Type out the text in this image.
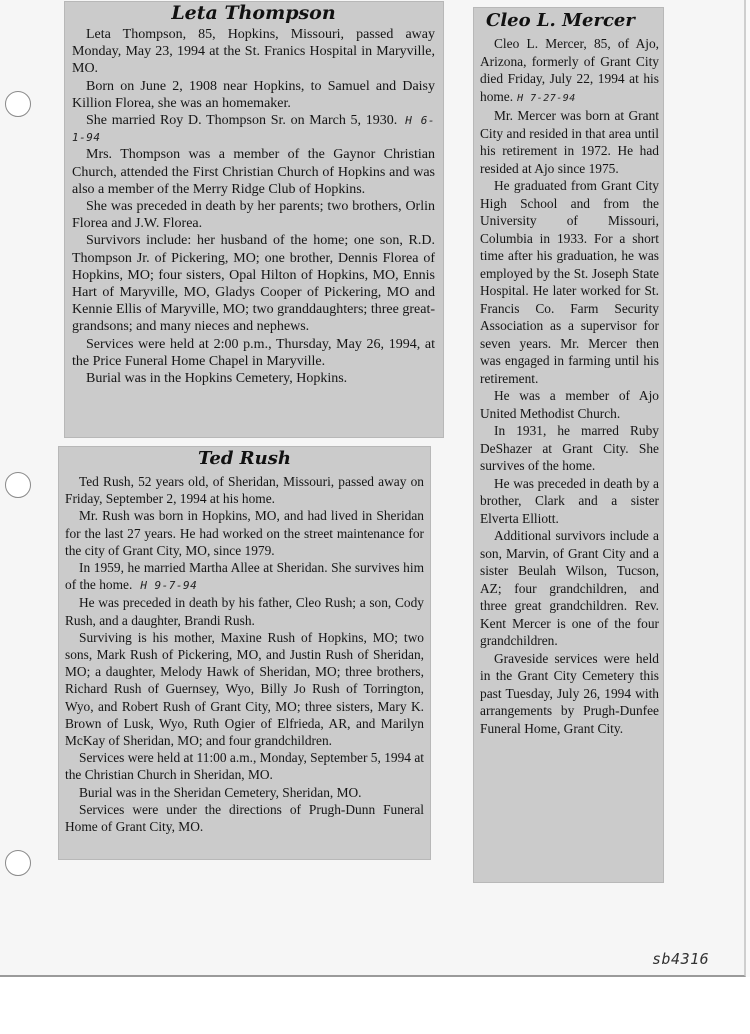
Leta Thompson

Leta Thompson, 85, Hopkins, Missouri, passed away Monday, May 23, 1994 at the St. Franics Hospital in Maryville, MO.

Born on June 2, 1908 near Hopkins, to Samuel and Daisy Killion Florea, she was an homemaker.

She married Roy D. Thompson Sr. on March 5, 1930. H 6-1-94

Mrs. Thompson was a member of the Gaynor Christian Church, attended the First Christian Church of Hopkins and was also a member of the Merry Ridge Club of Hopkins.

She was preceded in death by her parents; two brothers, Orlin Florea and J.W. Florea.

Survivors include: her husband of the home; one son, R.D. Thompson Jr. of Pickering, MO; one brother, Dennis Florea of Hopkins, MO; four sisters, Opal Hilton of Hopkins, MO, Ennis Hart of Maryville, MO, Gladys Cooper of Pickering, MO and Kennie Ellis of Maryville, MO; two granddaughters; three great-grandsons; and many nieces and nephews.

Services were held at 2:00 p.m., Thursday, May 26, 1994, at the Price Funeral Home Chapel in Maryville.

Burial was in the Hopkins Cemetery, Hopkins.

Ted Rush

Ted Rush, 52 years old, of Sheridan, Missouri, passed away on Friday, September 2, 1994 at his home.

Mr. Rush was born in Hopkins, MO, and had lived in Sheridan for the last 27 years. He had worked on the street maintenance for the city of Grant City, MO, since 1979.

In 1959, he married Martha Allee at Sheridan. She survives him of the home. H 9-7-94

He was preceded in death by his father, Cleo Rush; a son, Cody Rush, and a daughter, Brandi Rush.

Surviving is his mother, Maxine Rush of Hopkins, MO; two sons, Mark Rush of Pickering, MO, and Justin Rush of Sheridan, MO; a daughter, Melody Hawk of Sheridan, MO; three brothers, Richard Rush of Guernsey, Wyo, Billy Jo Rush of Torrington, Wyo, and Robert Rush of Grant City, MO; three sisters, Mary K. Brown of Lusk, Wyo, Ruth Ogier of Elfrieda, AR, and Marilyn McKay of Sheridan, MO; and four grandchildren.

Services were held at 11:00 a.m., Monday, September 5, 1994 at the Christian Church in Sheridan, MO.

Burial was in the Sheridan Cemetery, Sheridan, MO.

Services were under the directions of Prugh-Dunn Funeral Home of Grant City, MO.

Cleo L. Mercer

Cleo L. Mercer, 85, of Ajo, Arizona, formerly of Grant City died Friday, July 22, 1994 at his home. H 7-27-94

Mr. Mercer was born at Grant City and resided in that area until his retirement in 1972. He had resided at Ajo since 1975.

He graduated from Grant City High School and from the University of Missouri, Columbia in 1933. For a short time after his graduation, he was employed by the St. Joseph State Hospital. He later worked for St. Francis Co. Farm Security Association as a supervisor for seven years. Mr. Mercer then was engaged in farming until his retirement.

He was a member of Ajo United Methodist Church.

In 1931, he marred Ruby DeShazer at Grant City. She survives of the home.

He was preceded in death by a brother, Clark and a sister Elverta Elliott.

Additional survivors include a son, Marvin, of Grant City and a sister Beulah Wilson, Tucson, AZ; four grandchildren, and three great grandchildren. Rev. Kent Mercer is one of the four grandchildren.

Graveside services were held in the Grant City Cemetery this past Tuesday, July 26, 1994 with arrangements by Prugh-Dunfee Funeral Home, Grant City.

sb4316
